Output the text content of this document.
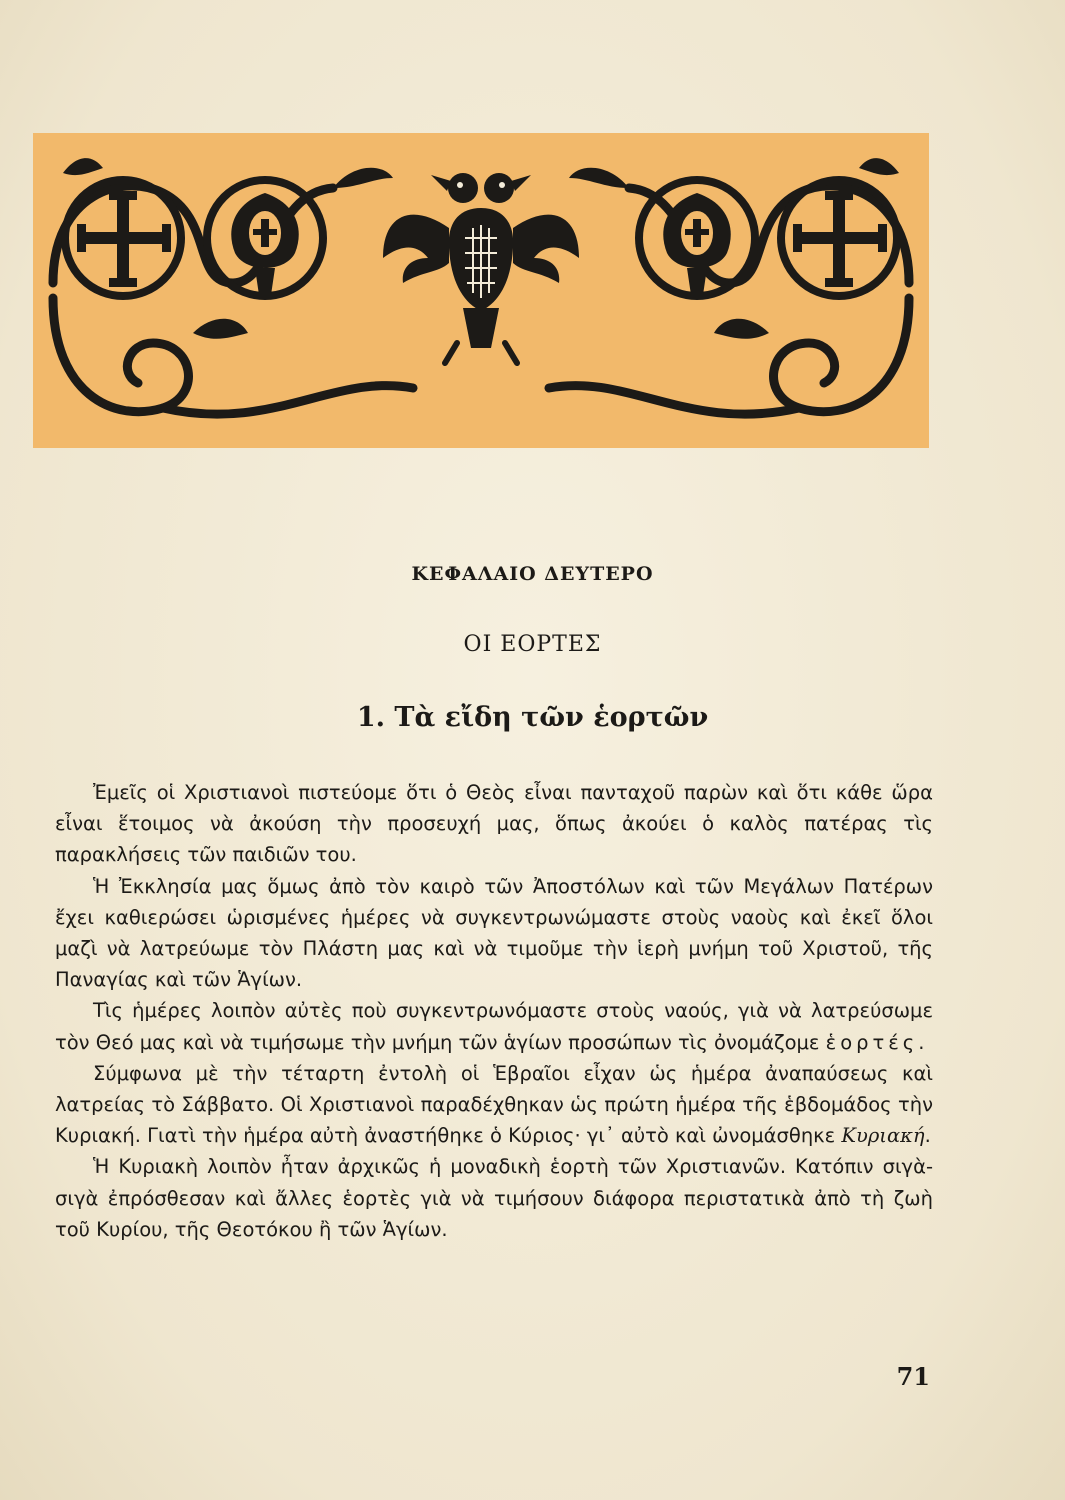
ΚΕΦΑΛΑΙΟ ΔΕΥΤΕΡΟ
ΟΙ ΕΟΡΤΕΣ
1. Τὰ εἴδη τῶν ἑορτῶν

Ἐμεῖς οἱ Χριστιανοὶ πιστεύομε ὅτι ὁ Θεὸς εἶναι πανταχοῦ παρὼν καὶ ὅτι κάθε ὥρα εἶναι ἕτοιμος νὰ ἀκούση τὴν προσευχή μας, ὅπως ἀκούει ὁ καλὸς πατέρας τὶς παρακλήσεις τῶν παιδιῶν του.

Ἡ Ἐκκλησία μας ὅμως ἀπὸ τὸν καιρὸ τῶν Ἀποστόλων καὶ τῶν Μεγάλων Πατέρων ἔχει καθιερώσει ὡρισμένες ἡμέρες νὰ συγκεντρωνώμαστε στοὺς ναοὺς καὶ ἐκεῖ ὅλοι μαζὶ νὰ λατρεύωμε τὸν Πλάστη μας καὶ νὰ τιμοῦμε τὴν ἱερὴ μνήμη τοῦ Χριστοῦ, τῆς Παναγίας καὶ τῶν Ἁγίων.

Τὶς ἡμέρες λοιπὸν αὐτὲς ποὺ συγκεντρωνόμαστε στοὺς ναούς, γιὰ νὰ λατρεύσωμε τὸν Θεό μας καὶ νὰ τιμήσωμε τὴν μνήμη τῶν ἁγίων προσώπων τὶς ὀνομάζομε ἑορτές.

Σύμφωνα μὲ τὴν τέταρτη ἐντολὴ οἱ Ἑβραῖοι εἶχαν ὡς ἡμέρα ἀναπαύσεως καὶ λατρείας τὸ Σάββατο. Οἱ Χριστιανοὶ παραδέχθηκαν ὡς πρώτη ἡμέρα τῆς ἑβδομάδος τὴν Κυριακή. Γιατὶ τὴν ἡμέρα αὐτὴ ἀναστήθηκε ὁ Κύριος· γι᾽ αὐτὸ καὶ ὠνομάσθηκε Κυριακή.

Ἡ Κυριακὴ λοιπὸν ἦταν ἀρχικῶς ἡ μοναδικὴ ἑορτὴ τῶν Χριστιανῶν. Κατόπιν σιγὰ-σιγὰ ἐπρόσθεσαν καὶ ἄλλες ἑορτὲς γιὰ νὰ τιμήσουν διάφορα περιστατικὰ ἀπὸ τὴ ζωὴ τοῦ Κυρίου, τῆς Θεοτόκου ἢ τῶν Ἁγίων.

71
